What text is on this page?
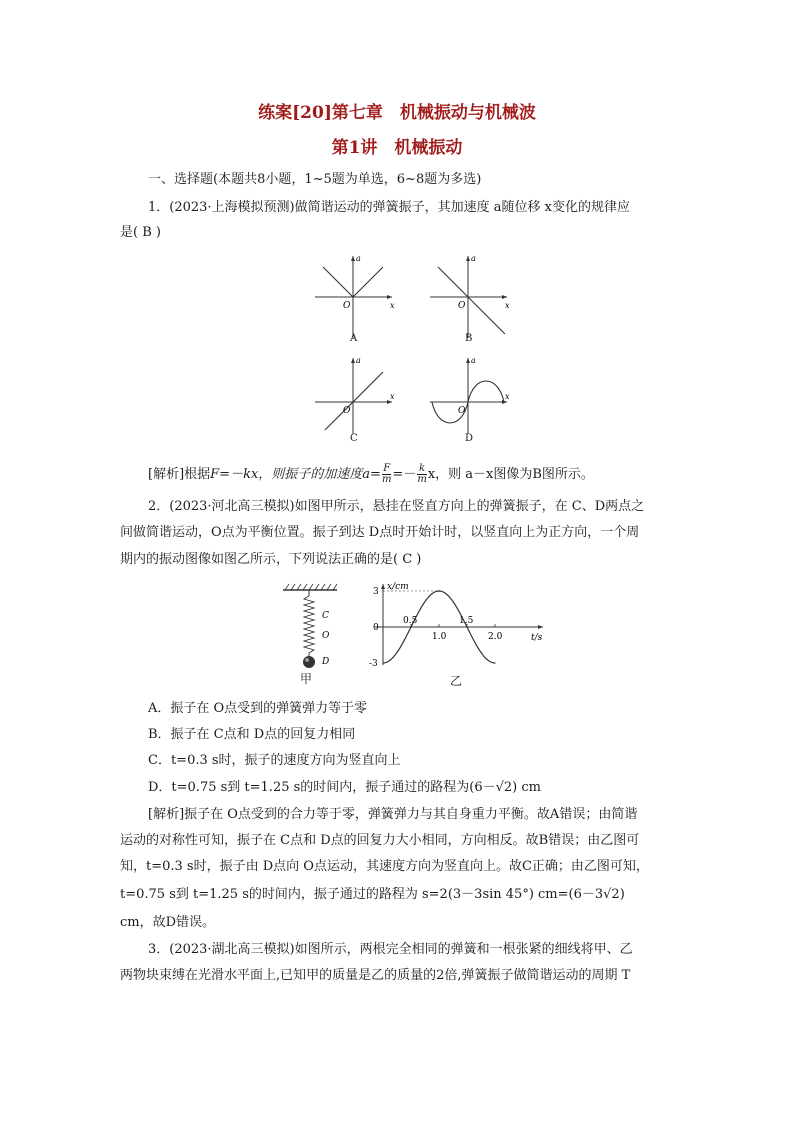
练案[20]第七章　机械振动与机械波
第1讲　机械振动
一、选择题(本题共8小题，1~5题为单选，6~8题为多选)
1．(2023·上海模拟预测)做简谐运动的弹簧振子，其加速度 a随位移 x变化的规律应
是( B )
a
x
O
A
a
x
O
B
a
x
O
C
a
x
O
D
[解析]根据F=－kx，则振子的加速度$a= \frac{F}{m} =- \frac{k}{m}$ x，则 a－x图像为B图所示。
2．(2023·河北高三模拟)如图甲所示，悬挂在竖直方向上的弹簧振子，在 C、D两点之
间做简谐运动，O点为平衡位置。振子到达 D点时开始计时，以竖直向上为正方向，一个周
期内的振动图像如图乙所示，下列说法正确的是( C )
C
O
D
甲
x/cm
t/s
0.5
1.0
1.5
2.0
3
0
-3
乙
A．振子在 O点受到的弹簧弹力等于零
B．振子在 C点和 D点的回复力相同
C．t=0.3 s时，振子的速度方向为竖直向上
D．t=0.75 s到 t=1.25 s的时间内，振子通过的路程为(6－√2) cm
[解析]振子在 O点受到的合力等于零，弹簧弹力与其自身重力平衡。故A错误；由简谐
运动的对称性可知，振子在 C点和 D点的回复力大小相同，方向相反。故B错误；由乙图可
知，t=0.3 s时，振子由 D点向 O点运动，其速度方向为竖直向上。故C正确；由乙图可知，
t=0.75 s到 t=1.25 s的时间内，振子通过的路程为 s=2(3－3sin 45°) cm=(6－3√2)
cm，故D错误。
3．(2023·湖北高三模拟)如图所示，两根完全相同的弹簧和一根张紧的细线将甲、乙
两物块束缚在光滑水平面上,已知甲的质量是乙的质量的2倍,弹簧振子做简谐运动的周期 T
